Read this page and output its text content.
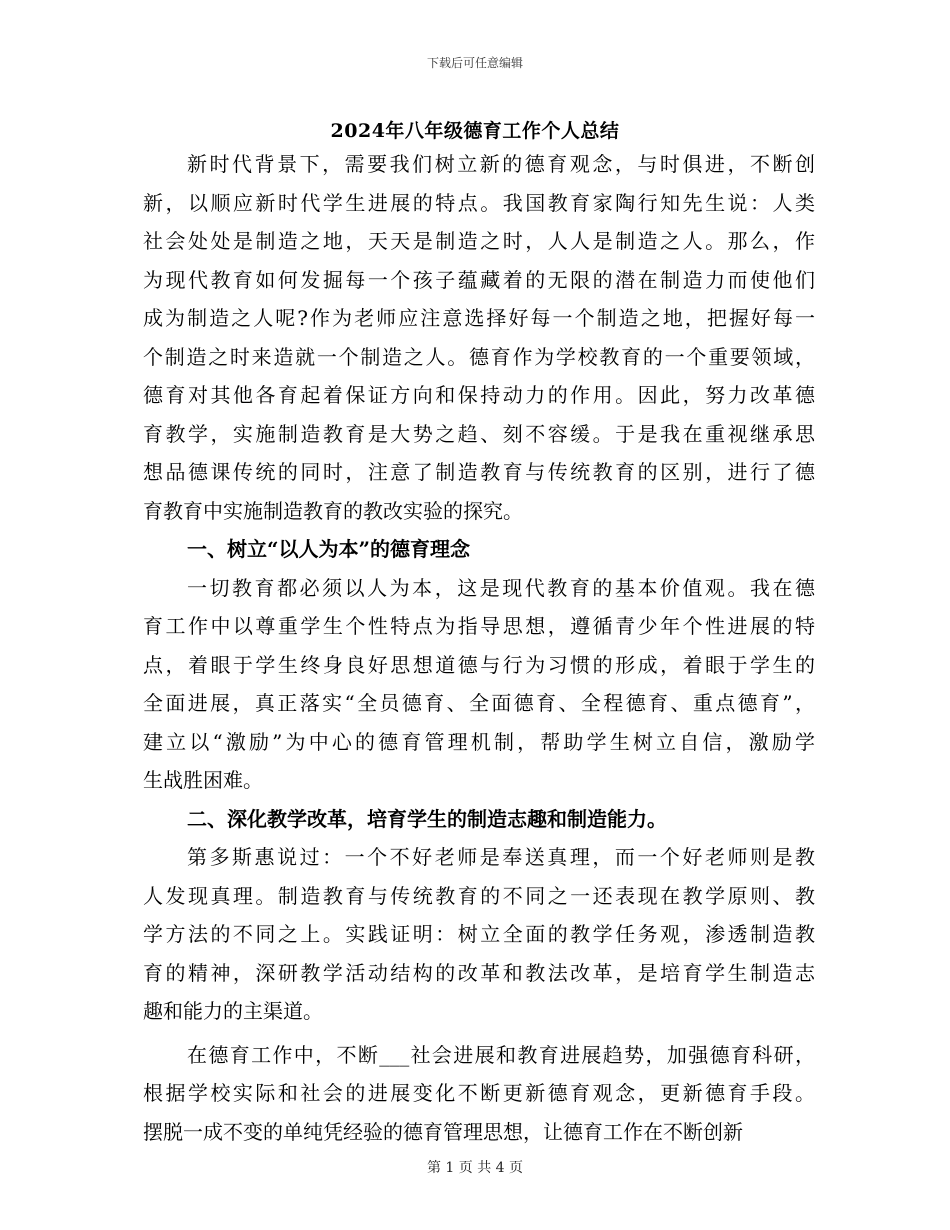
下载后可任意编辑
2024年八年级德育工作个人总结
新时代背景下，需要我们树立新的德育观念，与时俱进，不断创
新，以顺应新时代学生进展的特点。我国教育家陶行知先生说：人类
社会处处是制造之地，天天是制造之时，人人是制造之人。那么，作
为现代教育如何发掘每一个孩子蕴藏着的无限的潜在制造力而使他们
成为制造之人呢?作为老师应注意选择好每一个制造之地，把握好每一
个制造之时来造就一个制造之人。德育作为学校教育的一个重要领域，
德育对其他各育起着保证方向和保持动力的作用。因此，努力改革德
育教学，实施制造教育是大势之趋、刻不容缓。于是我在重视继承思
想品德课传统的同时，注意了制造教育与传统教育的区别，进行了德
育教育中实施制造教育的教改实验的探究。
一、树立“以人为本”的德育理念
一切教育都必须以人为本，这是现代教育的基本价值观。我在德
育工作中以尊重学生个性特点为指导思想，遵循青少年个性进展的特
点，着眼于学生终身良好思想道德与行为习惯的形成，着眼于学生的
全面进展，真正落实“全员德育、全面德育、全程德育、重点德育”，
建立以“激励”为中心的德育管理机制，帮助学生树立自信，激励学
生战胜困难。
二、深化教学改革，培育学生的制造志趣和制造能力。
第多斯惠说过：一个不好老师是奉送真理，而一个好老师则是教
人发现真理。制造教育与传统教育的不同之一还表现在教学原则、教
学方法的不同之上。实践证明：树立全面的教学任务观，渗透制造教
育的精神，深研教学活动结构的改革和教法改革，是培育学生制造志
趣和能力的主渠道。
在德育工作中，不断___社会进展和教育进展趋势，加强德育科研，
根据学校实际和社会的进展变化不断更新德育观念，更新德育手段。
摆脱一成不变的单纯凭经验的德育管理思想，让德育工作在不断创新
第 1 页 共 4 页
